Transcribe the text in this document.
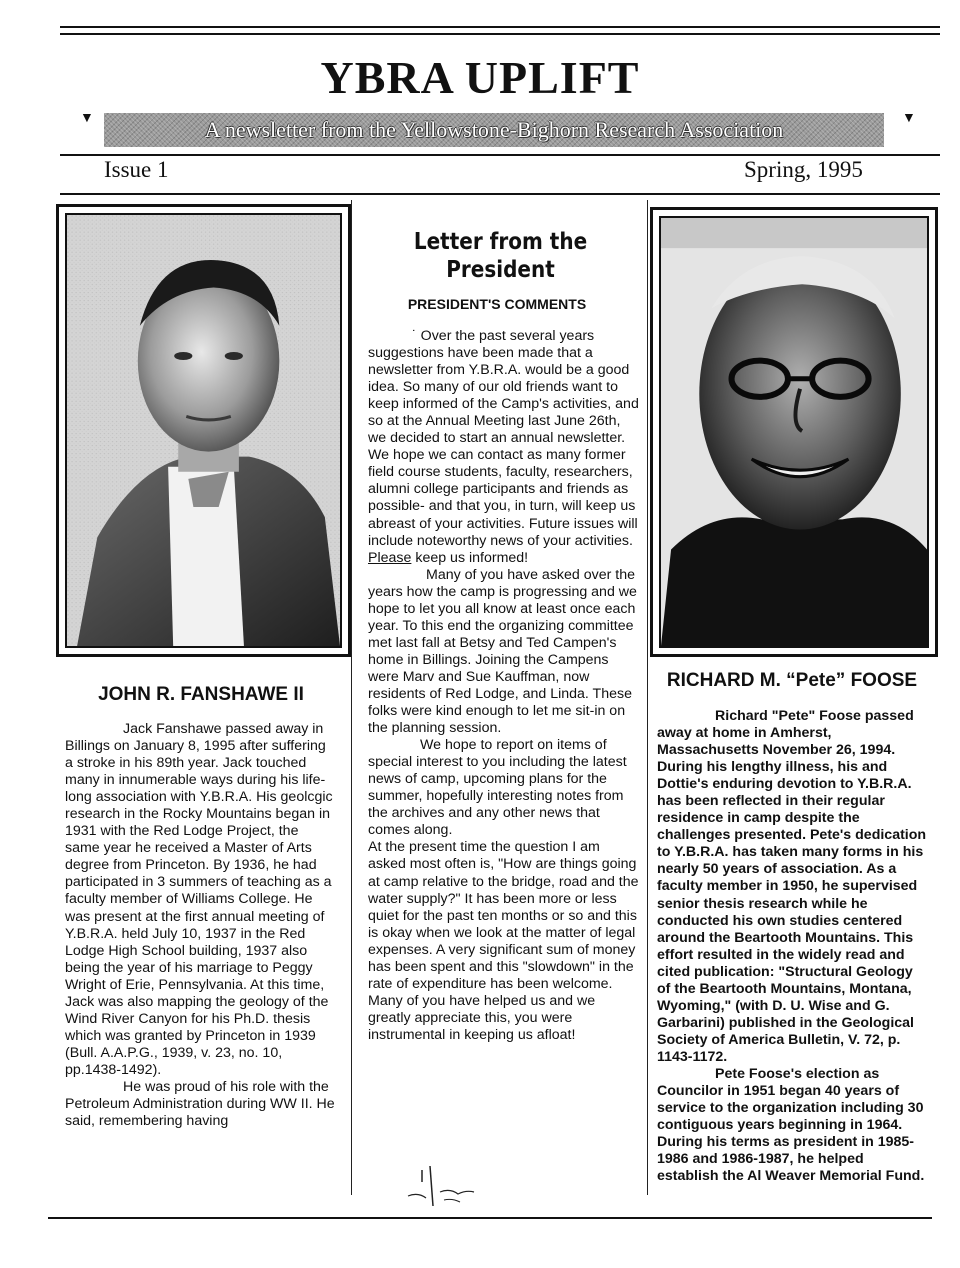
YBRA UPLIFT
▼	▼
A newsletter from the Yellowstone-Bighorn Research Association
Issue 1	Spring, 1995
JOHN R. FANSHAWE II

Jack Fanshawe passed away in Billings on January 8, 1995 after suffering a stroke in his 89th year. Jack touched many in innumerable ways during his life-long association with Y.B.R.A. His geolcgic research in the Rocky Mountains began in 1931 with the Red Lodge Project, the same year he received a Master of Arts degree from Princeton. By 1936, he had participated in 3 summers of teaching as a faculty member of Williams College. He was present at the first annual meeting of Y.B.R.A. held July 10, 1937 in the Red Lodge High School building, 1937 also being the year of his marriage to Peggy Wright of Erie, Pennsylvania. At this time, Jack was also mapping the geology of the Wind River Canyon for his Ph.D. thesis which was granted by Princeton in 1939 (Bull. A.A.P.G., 1939, v. 23, no. 10, pp.1438-1492).

He was proud of his role with the Petroleum Administration during WW II. He said, remembering having

Letter from the President
PRESIDENT'S COMMENTS

˙ Over the past several years suggestions have been made that a newsletter from Y.B.R.A. would be a good idea. So many of our old friends want to keep informed of the Camp's activities, and so at the Annual Meeting last June 26th, we decided to start an annual newsletter.

We hope we can contact as many former field course students, faculty, researchers, alumni college participants and friends as possible- and that you, in turn, will keep us abreast of your activities. Future issues will include noteworthy news of your activities. Please keep us informed!

Many of you have asked over the years how the camp is progressing and we hope to let you all know at least once each year. To this end the organizing committee met last fall at Betsy and Ted Campen's home in Billings. Joining the Campens were Marv and Sue Kauffman, now residents of Red Lodge, and Linda. These folks were kind enough to let me sit-in on the planning session.

We hope to report on items of special interest to you including the latest news of camp, upcoming plans for the summer, hopefully interesting notes from the archives and any other news that comes along.

At the present time the question I am asked most often is, "How are things going at camp relative to the bridge, road and the water supply?" It has been more or less quiet for the past ten months or so and this is okay when we look at the matter of legal expenses. A very significant sum of money has been spent and this "slowdown" in the rate of expenditure has been welcome. Many of you have helped us and we greatly appreciate this, you were instrumental in keeping us afloat!

RICHARD M. “Pete” FOOSE

Richard "Pete" Foose passed away at home in Amherst, Massachusetts November 26, 1994. During his lengthy illness, his and Dottie's enduring devotion to Y.B.R.A. has been reflected in their regular residence in camp despite the challenges presented. Pete's dedication to Y.B.R.A. has taken many forms in his nearly 50 years of association. As a faculty member in 1950, he supervised senior thesis research while he conducted his own studies centered around the Beartooth Mountains. This effort resulted in the widely read and cited publication: "Structural Geology of the Beartooth Mountains, Montana, Wyoming," (with D. U. Wise and G. Garbarini) published in the Geological Society of America Bulletin, V. 72, p. 1143-1172.

Pete Foose's election as Councilor in 1951 began 40 years of service to the organization including 30 contiguous years beginning in 1964. During his terms as president in 1985-1986 and 1986-1987, he helped establish the Al Weaver Memorial Fund.
